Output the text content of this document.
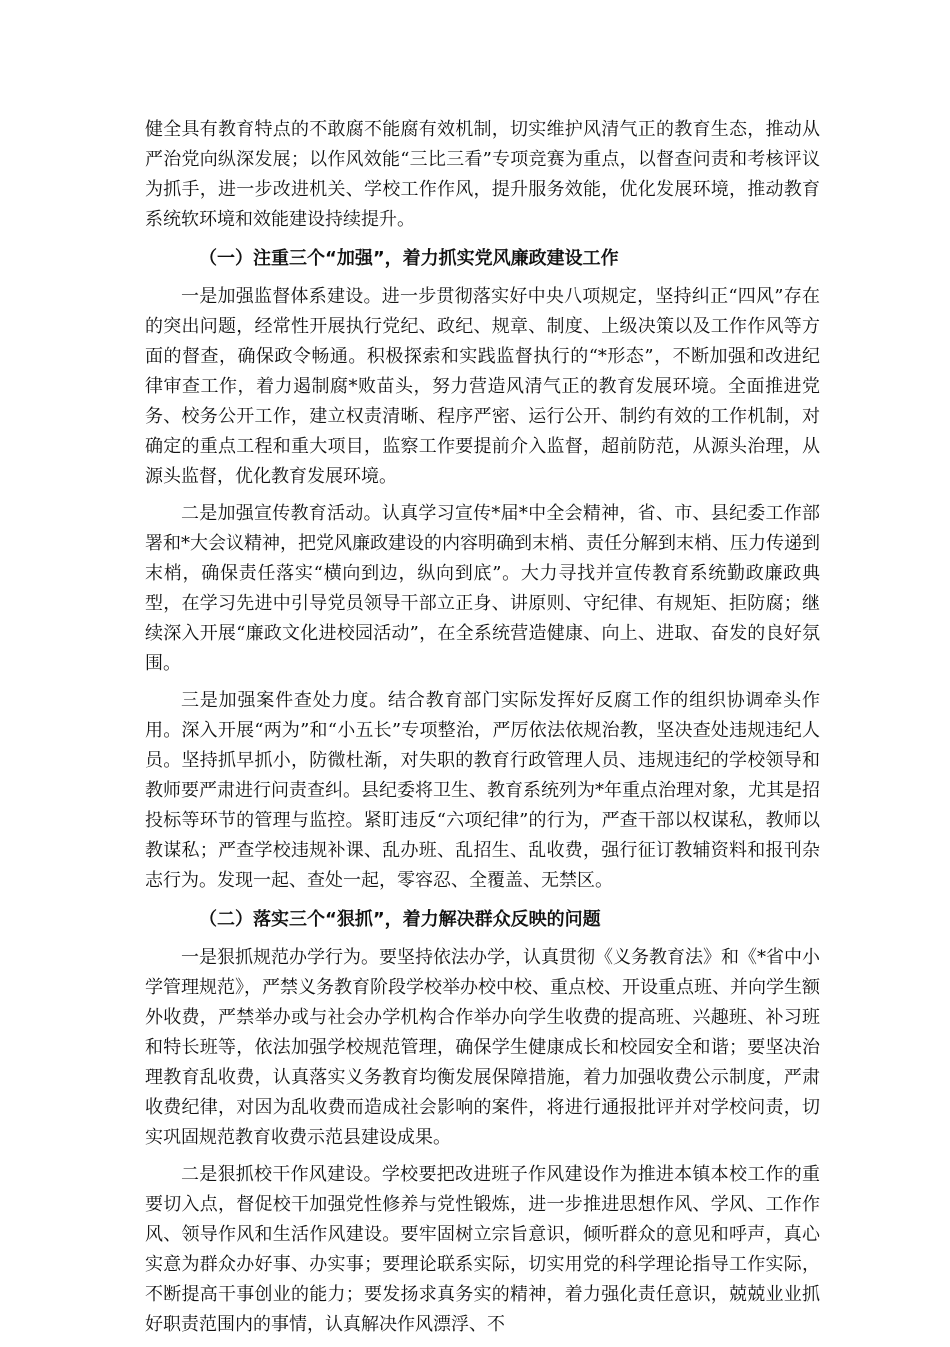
健全具有教育特点的不敢腐不能腐有效机制，切实维护风清气正的教育生态，推动从严治党向纵深发展；以作风效能“三比三看”专项竞赛为重点，以督查问责和考核评议为抓手，进一步改进机关、学校工作作风，提升服务效能，优化发展环境，推动教育系统软环境和效能建设持续提升。

（一）注重三个“加强”，着力抓实党风廉政建设工作

一是加强监督体系建设。进一步贯彻落实好中央八项规定，坚持纠正“四风”存在的突出问题，经常性开展执行党纪、政纪、规章、制度、上级决策以及工作作风等方面的督查，确保政令畅通。积极探索和实践监督执行的“*形态”，不断加强和改进纪律审查工作，着力遏制腐*败苗头，努力营造风清气正的教育发展环境。全面推进党务、校务公开工作，建立权责清晰、程序严密、运行公开、制约有效的工作机制，对确定的重点工程和重大项目，监察工作要提前介入监督，超前防范，从源头治理，从源头监督，优化教育发展环境。

二是加强宣传教育活动。认真学习宣传*届*中全会精神，省、市、县纪委工作部署和*大会议精神，把党风廉政建设的内容明确到末梢、责任分解到末梢、压力传递到末梢，确保责任落实“横向到边，纵向到底”。大力寻找并宣传教育系统勤政廉政典型，在学习先进中引导党员领导干部立正身、讲原则、守纪律、有规矩、拒防腐；继续深入开展“廉政文化进校园活动”，在全系统营造健康、向上、进取、奋发的良好氛围。

三是加强案件查处力度。结合教育部门实际发挥好反腐工作的组织协调牵头作用。深入开展“两为”和“小五长”专项整治，严厉依法依规治教，坚决查处违规违纪人员。坚持抓早抓小，防微杜渐，对失职的教育行政管理人员、违规违纪的学校领导和教师要严肃进行问责查纠。县纪委将卫生、教育系统列为*年重点治理对象，尤其是招投标等环节的管理与监控。紧盯违反“六项纪律”的行为，严查干部以权谋私，教师以教谋私；严查学校违规补课、乱办班、乱招生、乱收费，强行征订教辅资料和报刊杂志行为。发现一起、查处一起，零容忍、全覆盖、无禁区。

（二）落实三个“狠抓”，着力解决群众反映的问题

一是狠抓规范办学行为。要坚持依法办学，认真贯彻《义务教育法》和《*省中小学管理规范》，严禁义务教育阶段学校举办校中校、重点校、开设重点班、并向学生额外收费，严禁举办或与社会办学机构合作举办向学生收费的提高班、兴趣班、补习班和特长班等，依法加强学校规范管理，确保学生健康成长和校园安全和谐；要坚决治理教育乱收费，认真落实义务教育均衡发展保障措施，着力加强收费公示制度，严肃收费纪律，对因为乱收费而造成社会影响的案件，将进行通报批评并对学校问责，切实巩固规范教育收费示范县建设成果。

二是狠抓校干作风建设。学校要把改进班子作风建设作为推进本镇本校工作的重要切入点，督促校干加强党性修养与党性锻炼，进一步推进思想作风、学风、工作作风、领导作风和生活作风建设。要牢固树立宗旨意识，倾听群众的意见和呼声，真心实意为群众办好事、办实事；要理论联系实际，切实用党的科学理论指导工作实际，不断提高干事创业的能力；要发扬求真务实的精神，着力强化责任意识，兢兢业业抓好职责范围内的事情，认真解决作风漂浮、不
